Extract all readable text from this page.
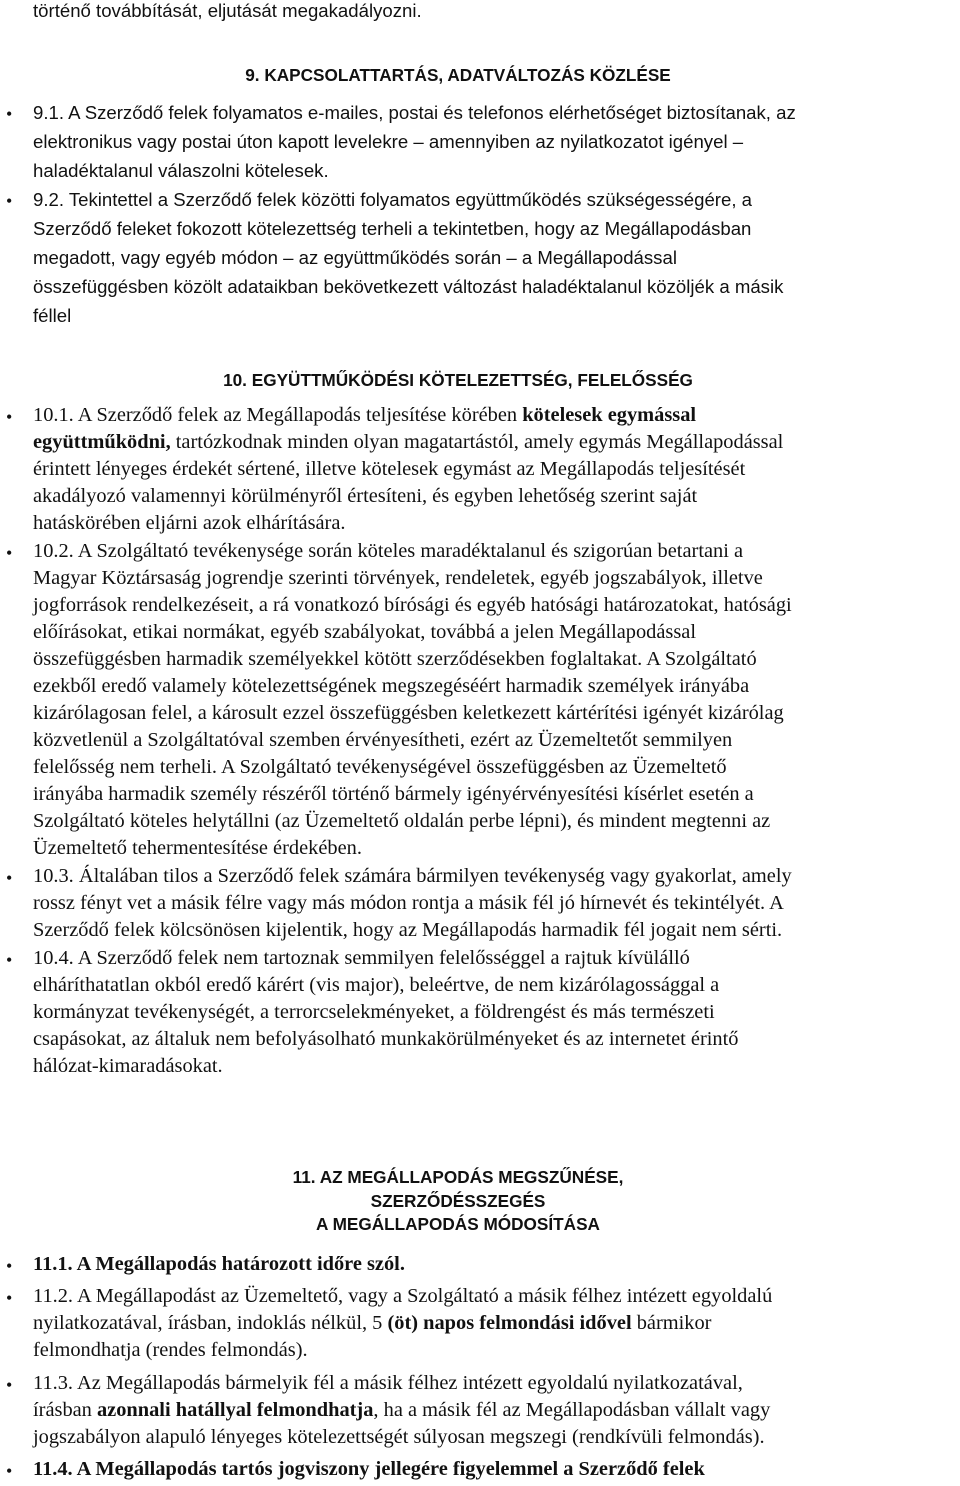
történő továbbítását, eljutását megakadályozni.

9. KAPCSOLATTARTÁS, ADATVÁLTOZÁS KÖZLÉSE

• 9.1. A Szerződő felek folyamatos e-mailes, postai és telefonos elérhetőséget biztosítanak, az

elektronikus vagy postai úton kapott levelekre – amennyiben az nyilatkozatot igényel –

haladéktalanul válaszolni kötelesek.

• 9.2. Tekintettel a Szerződő felek közötti folyamatos együttműködés szükségességére, a

Szerződő feleket fokozott kötelezettség terheli a tekintetben, hogy az Megállapodásban

megadott, vagy egyéb módon – az együttműködés során – a Megállapodással

összefüggésben közölt adataikban bekövetkezett változást haladéktalanul közöljék a másik

féllel

10. EGYÜTTMŰKÖDÉSI KÖTELEZETTSÉG, FELELŐSSÉG

• 10.1. A Szerződő felek az Megállapodás teljesítése körében kötelesek egymással

együttműködni, tartózkodnak minden olyan magatartástól, amely egymás Megállapodással

érintett lényeges érdekét sértené, illetve kötelesek egymást az Megállapodás teljesítését

akadályozó valamennyi körülményről értesíteni, és egyben lehetőség szerint saját

hatáskörében eljárni azok elhárítására.

• 10.2. A Szolgáltató tevékenysége során köteles maradéktalanul és szigorúan betartani a

Magyar Köztársaság jogrendje szerinti törvények, rendeletek, egyéb jogszabályok, illetve

jogforrások rendelkezéseit, a rá vonatkozó bírósági és egyéb hatósági határozatokat, hatósági

előírásokat, etikai normákat, egyéb szabályokat, továbbá a jelen Megállapodással

összefüggésben harmadik személyekkel kötött szerződésekben foglaltakat. A Szolgáltató

ezekből eredő valamely kötelezettségének megszegéséért harmadik személyek irányába

kizárólagosan felel, a károsult ezzel összefüggésben keletkezett kártérítési igényét kizárólag

közvetlenül a Szolgáltatóval szemben érvényesítheti, ezért az Üzemeltetőt semmilyen

felelősség nem terheli. A Szolgáltató tevékenységével összefüggésben az Üzemeltető

irányába harmadik személy részéről történő bármely igényérvényesítési kísérlet esetén a

Szolgáltató köteles helytállni (az Üzemeltető oldalán perbe lépni), és mindent megtenni az

Üzemeltető tehermentesítése érdekében.

• 10.3. Általában tilos a Szerződő felek számára bármilyen tevékenység vagy gyakorlat, amely

rossz fényt vet a másik félre vagy más módon rontja a másik fél jó hírnevét és tekintélyét. A

Szerződő felek kölcsönösen kijelentik, hogy az Megállapodás harmadik fél jogait nem sérti.

• 10.4. A Szerződő felek nem tartoznak semmilyen felelősséggel a rajtuk kívülálló

elháríthatatlan okból eredő kárért (vis major), beleértve, de nem kizárólagossággal a

kormányzat tevékenységét, a terrorcselekményeket, a földrengést és más természeti

csapásokat, az általuk nem befolyásolható munkakörülményeket és az internetet érintő

hálózat-kimaradásokat.

11. AZ MEGÁLLAPODÁS MEGSZŰNÉSE,

SZERZŐDÉSSZEGÉS

A MEGÁLLAPODÁS MÓDOSÍTÁSA

• 11.1. A Megállapodás határozott időre szól.

• 11.2. A Megállapodást az Üzemeltető, vagy a Szolgáltató a másik félhez intézett egyoldalú

nyilatkozatával, írásban, indoklás nélkül, 5 (öt) napos felmondási idővel bármikor

felmondhatja (rendes felmondás).

• 11.3. Az Megállapodás bármelyik fél a másik félhez intézett egyoldalú nyilatkozatával,

írásban azonnali hatállyal felmondhatja, ha a másik fél az Megállapodásban vállalt vagy

jogszabályon alapuló lényeges kötelezettségét súlyosan megszegi (rendkívüli felmondás).

• 11.4. A Megállapodás tartós jogviszony jellegére figyelemmel a Szerződő felek
